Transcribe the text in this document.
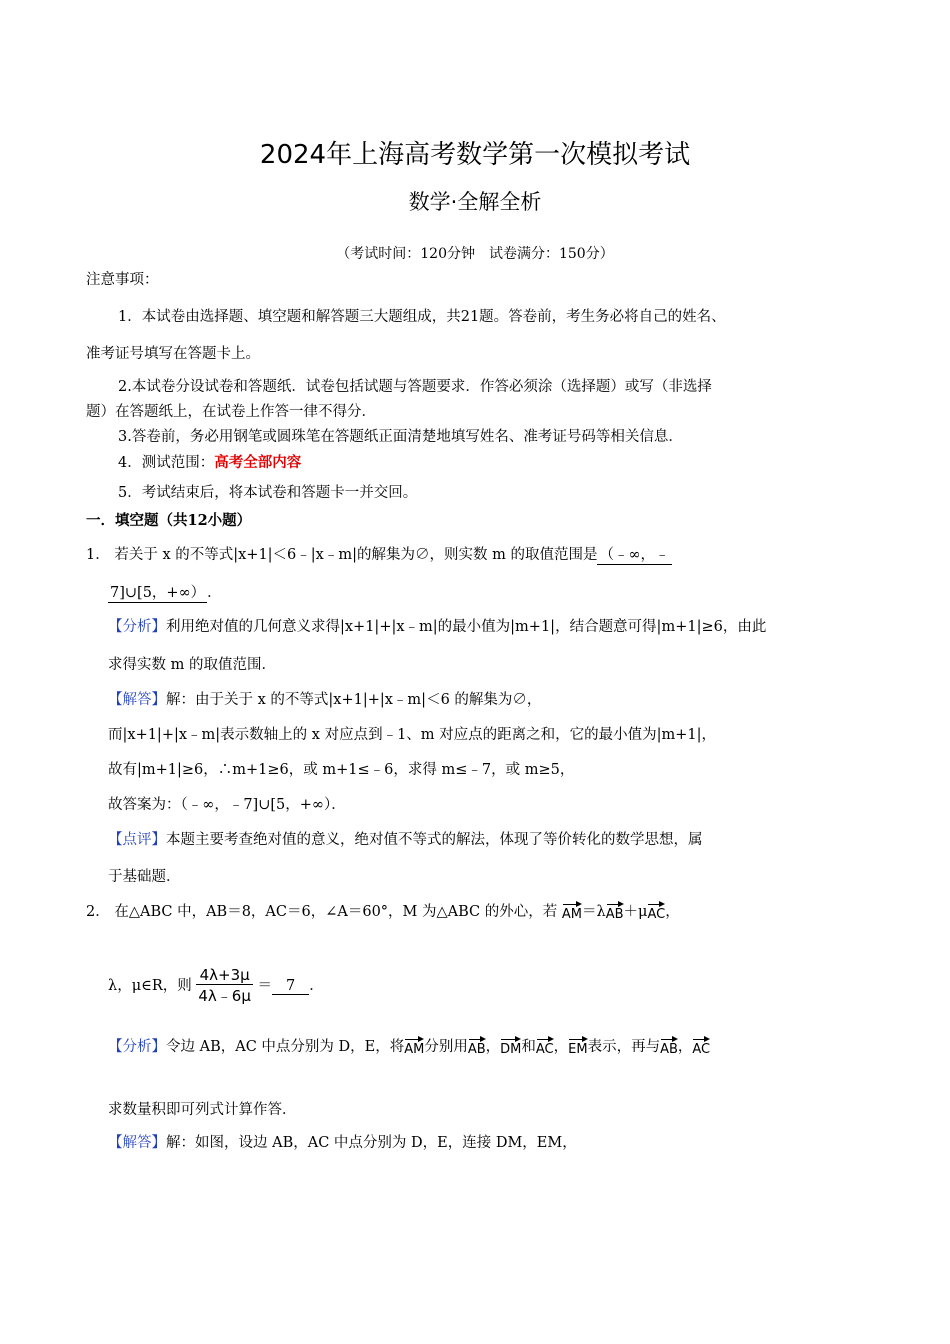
2024年上海高考数学第一次模拟考试
数学·全解全析
（考试时间：120分钟　试卷满分：150分）
注意事项：
1．本试卷由选择题、填空题和解答题三大题组成，共21题。答卷前，考生务必将自己的姓名、
准考证号填写在答题卡上。
2.本试卷分设试卷和答题纸．试卷包括试题与答题要求．作答必须涂（选择题）或写（非选择
题）在答题纸上，在试卷上作答一律不得分．
3.答卷前，务必用钢笔或圆珠笔在答题纸正面清楚地填写姓名、准考证号码等相关信息．
4．测试范围：高考全部内容
5．考试结束后，将本试卷和答题卡一并交回。
一．填空题（共12小题）
1． 若关于 x 的不等式|x+1|＜6﹣|x﹣m|的解集为∅，则实数 m 的取值范围是 （﹣∞，﹣
7]∪[5，+∞） ．
【分析】利用绝对值的几何意义求得|x+1|+|x﹣m|的最小值为|m+1|，结合题意可得|m+1|≥6，由此
求得实数 m 的取值范围．
【解答】解：由于关于 x 的不等式|x+1|+|x﹣m|＜6 的解集为∅，
而|x+1|+|x﹣m|表示数轴上的 x 对应点到﹣1、m 对应点的距离之和，它的最小值为|m+1|，
故有|m+1|≥6，∴m+1≥6，或 m+1≤﹣6，求得 m≤﹣7，或 m≥5，
故答案为：（﹣∞，﹣7]∪[5，+∞）．
【点评】本题主要考查绝对值的意义，绝对值不等式的解法，体现了等价转化的数学思想，属
于基础题．
2． 在△ABC 中，AB＝8，AC＝6，∠A＝60°，M 为△ABC 的外心，若 AM＝λAB＋μAC，
λ，μ∈R，则 $\frac{4\lambda+3\mu}{4\lambda﹣6\mu} = 7$ ．
【分析】令边 AB，AC 中点分别为 D，E，将AM分别用AB，DM和AC，EM表示，再与AB，AC
求数量积即可列式计算作答．
【解答】解：如图，设边 AB，AC 中点分别为 D，E，连接 DM，EM，
